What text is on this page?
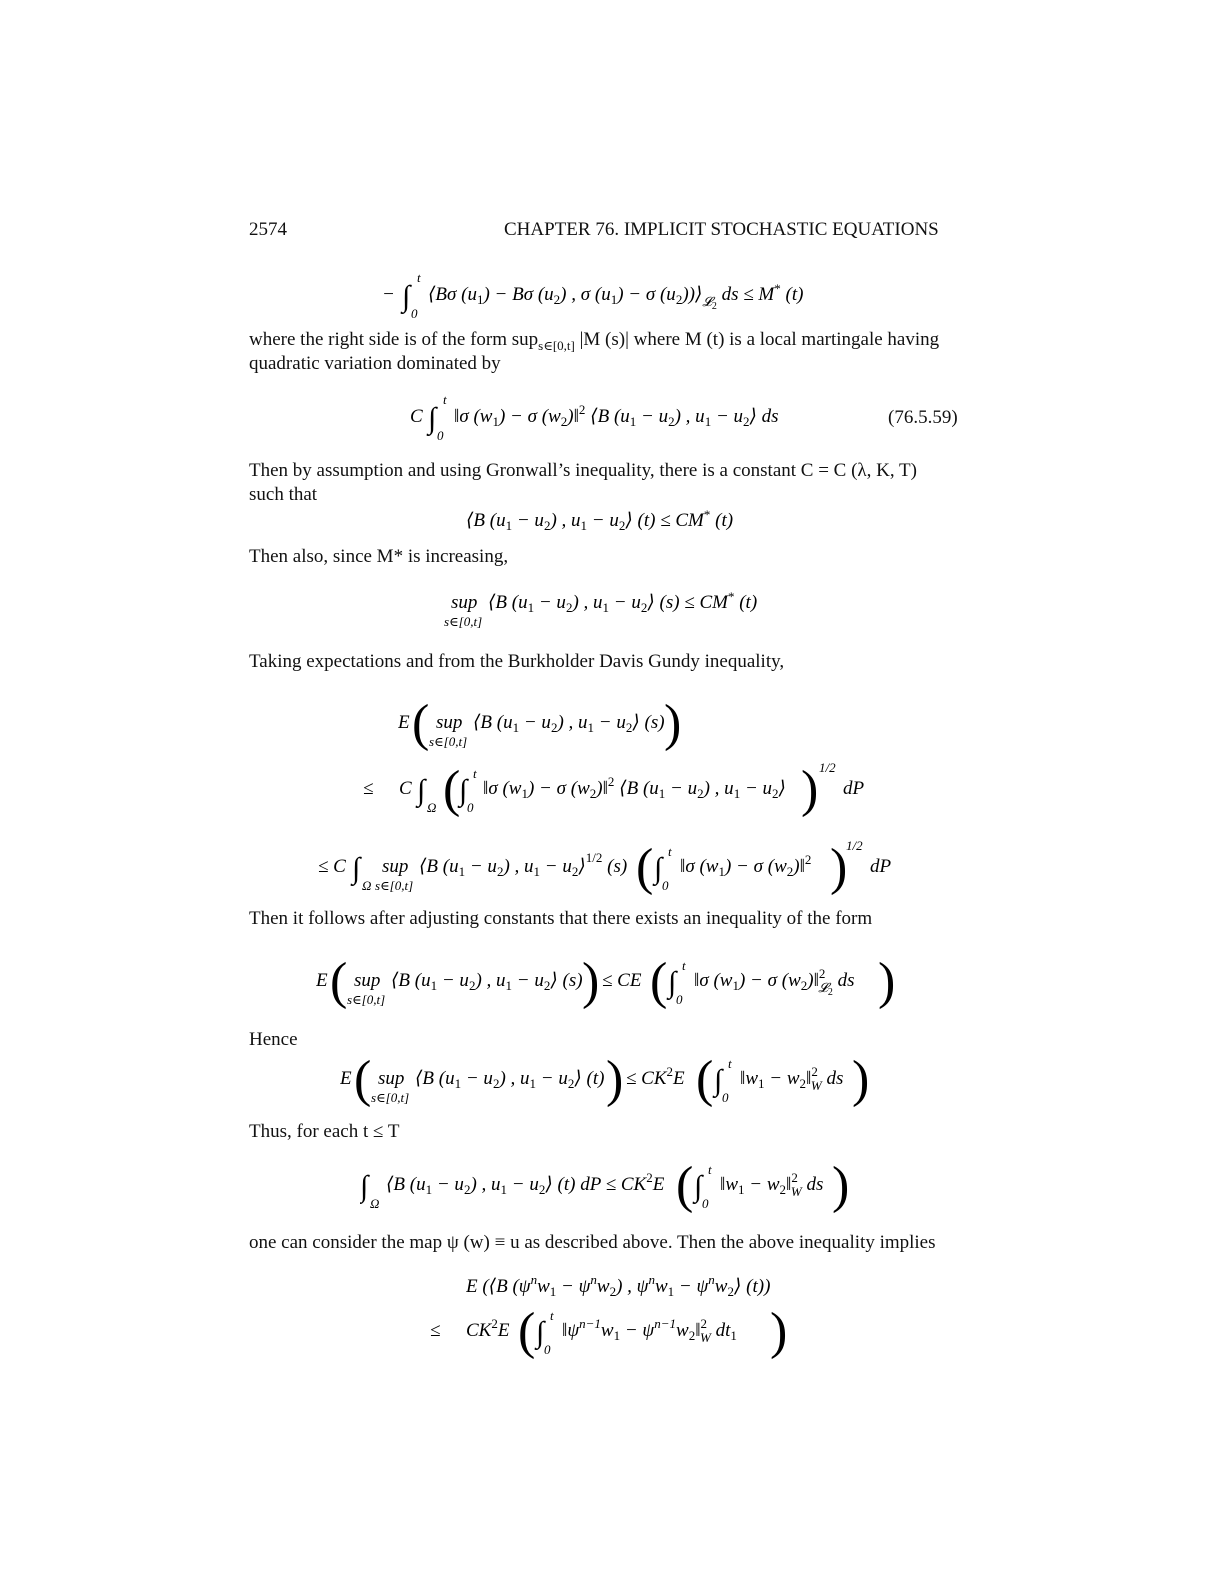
2574	CHAPTER 76. IMPLICIT STOCHASTIC EQUATIONS
− ∫
t
0
⟨Bσ $(u_1) - B\sigma$ $(u_2)$ , σ $(u_1) - \sigma$ $(u_2))⟩_𝓛2$ ds ≤ M* (t)
where the right side is of the form sup$_{s\in[0,t]}$ |M (s)| where M (t) is a local martingale having
quadratic variation dominated by
C ∫
t
0
‖σ $(w_1) - \sigma$ $(w_2)‖^2$ ⟨B $(u_1 - u_2)$ , $u_1$ − $u_2⟩$ ds	(76.5.59)
Then by assumption and using Gronwall’s inequality, there is a constant C = C (λ, K, T)
such that
⟨B $(u_1 - u_2)$ , $u_1$ − $u_2⟩$ (t) ≤ CM* (t)
Then also, since M* is increasing,
sup
s∈[0,t]
⟨B $(u_1 - u_2)$ , $u_1$ − $u_2⟩$ (s) ≤ CM* (t)
Taking expectations and from the Burkholder Davis Gundy inequality,
E ( sup
s∈[0,t]
⟨B $(u_1 - u_2)$ , $u_1$ − $u_2⟩$ (s) )
≤ C ∫
Ω (
∫
t
0
‖σ $(w_1) - \sigma$ $(w_2)‖^2$ ⟨B $(u_1 - u_2)$ , $u_1$ − $u_2⟩$ ) 1/2
dP
≤ C ∫
Ω
sup
s∈[0,t]
⟨B $(u_1 - u_2)$ , $u_1$ − $u_2⟩^{1/2}$ (s) ( ∫
t
0
‖σ $(w_1) - \sigma$ $(w_2)‖^2$ )
1/2
dP
Then it follows after adjusting constants that there exists an inequality of the form
E ( sup
s∈[0,t]
⟨B $(u_1 - u_2)$ , $u_1$ − $u_2⟩$ (s) ) ≤ CE ( ∫
t
0
‖σ $(w_1) - \sigma$ $(w_2)‖^2$ 𝓛2 ds )
Hence
E ( sup
s∈[0,t]
⟨B $(u_1 - u_2)$ , $u_1$ − $u_2⟩$ (t) ) ≤ $CK^2E$ ( ∫
t
0
$‖w_1$ − $w_2‖^2$ W ds )
Thus, for each t ≤ T
∫
Ω
⟨B $(u_1 - u_2)$ , $u_1$ − $u_2⟩$ (t) dP ≤ $CK^2E$ ( ∫
t
0
$‖w_1$ − $w_2‖^2$ W ds )
one can consider the map ψ (w) ≡ u as described above. Then the above inequality implies
E (⟨B $(\psi^nw_1 - \psi^nw_2)$ , $\psi^nw_1$ − $\psi^nw_2⟩$ (t))
≤ $CK^2E$ ( ∫
t
0
$‖\psi^{n-1}w_1$ − $\psi^{n-1}w_2‖^2$ W $dt_1$ )
